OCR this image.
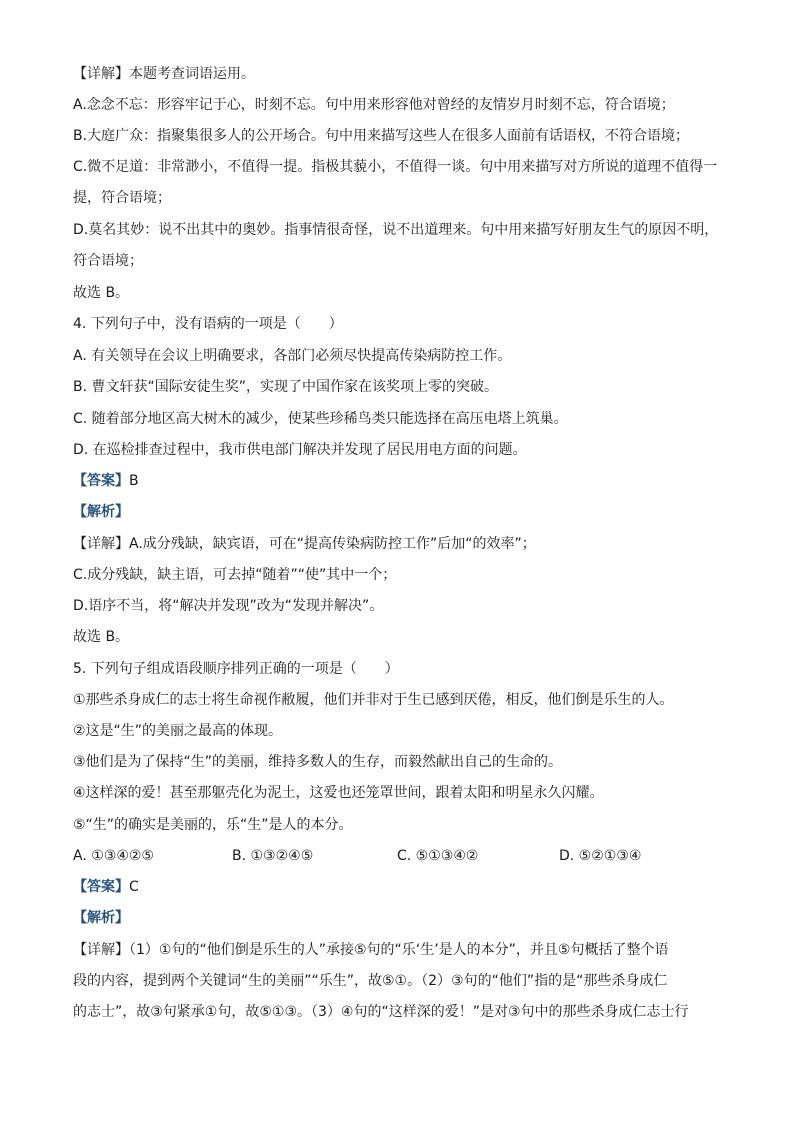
【详解】本题考查词语运用。
A.念念不忘：形容牢记于心，时刻不忘。句中用来形容他对曾经的友情岁月时刻不忘，符合语境；
B.大庭广众：指聚集很多人的公开场合。句中用来描写这些人在很多人面前有话语权，不符合语境；
C.微不足道：非常渺小，不值得一提。指极其藐小，不值得一谈。句中用来描写对方所说的道理不值得一
提，符合语境；
D.莫名其妙：说不出其中的奥妙。指事情很奇怪，说不出道理来。句中用来描写好朋友生气的原因不明，
符合语境；
故选 B。
4. 下列句子中，没有语病的一项是（　　）
A. 有关领导在会议上明确要求，各部门必须尽快提高传染病防控工作。
B. 曹文轩获“国际安徒生奖”，实现了中国作家在该奖项上零的突破。
C. 随着部分地区高大树木的减少，使某些珍稀鸟类只能选择在高压电塔上筑巢。
D. 在巡检排查过程中，我市供电部门解决并发现了居民用电方面的问题。
【答案】B
【解析】
【详解】A.成分残缺，缺宾语，可在“提高传染病防控工作”后加“的效率”；
C.成分残缺，缺主语，可去掉“随着”“使”其中一个；
D.语序不当，将“解决并发现”改为“发现并解决”。
故选 B。
5. 下列句子组成语段顺序排列正确的一项是（　　）
①那些杀身成仁的志士将生命视作敝履，他们并非对于生已感到厌倦，相反，他们倒是乐生的人。
②这是“生”的美丽之最高的体现。
③他们是为了保持“生”的美丽，维持多数人的生存，而毅然献出自己的生命的。
④这样深的爱！甚至那躯壳化为泥土，这爱也还笼罩世间，跟着太阳和明星永久闪耀。
⑤“生”的确实是美丽的，乐“生”是人的本分。
A. ①③④②⑤	B. ①③②④⑤	C. ⑤①③④②	D. ⑤②①③④
【答案】C
【解析】
【详解】（1）①句的“他们倒是乐生的人”承接⑤句的“乐‘生’是人的本分”，并且⑤句概括了整个语
段的内容，提到两个关键词“生的美丽”“乐生”，故⑤①。（2）③句的“他们”指的是“那些杀身成仁
的志士”，故③句紧承①句，故⑤①③。（3）④句的“这样深的爱！”是对③句中的那些杀身成仁志士行
